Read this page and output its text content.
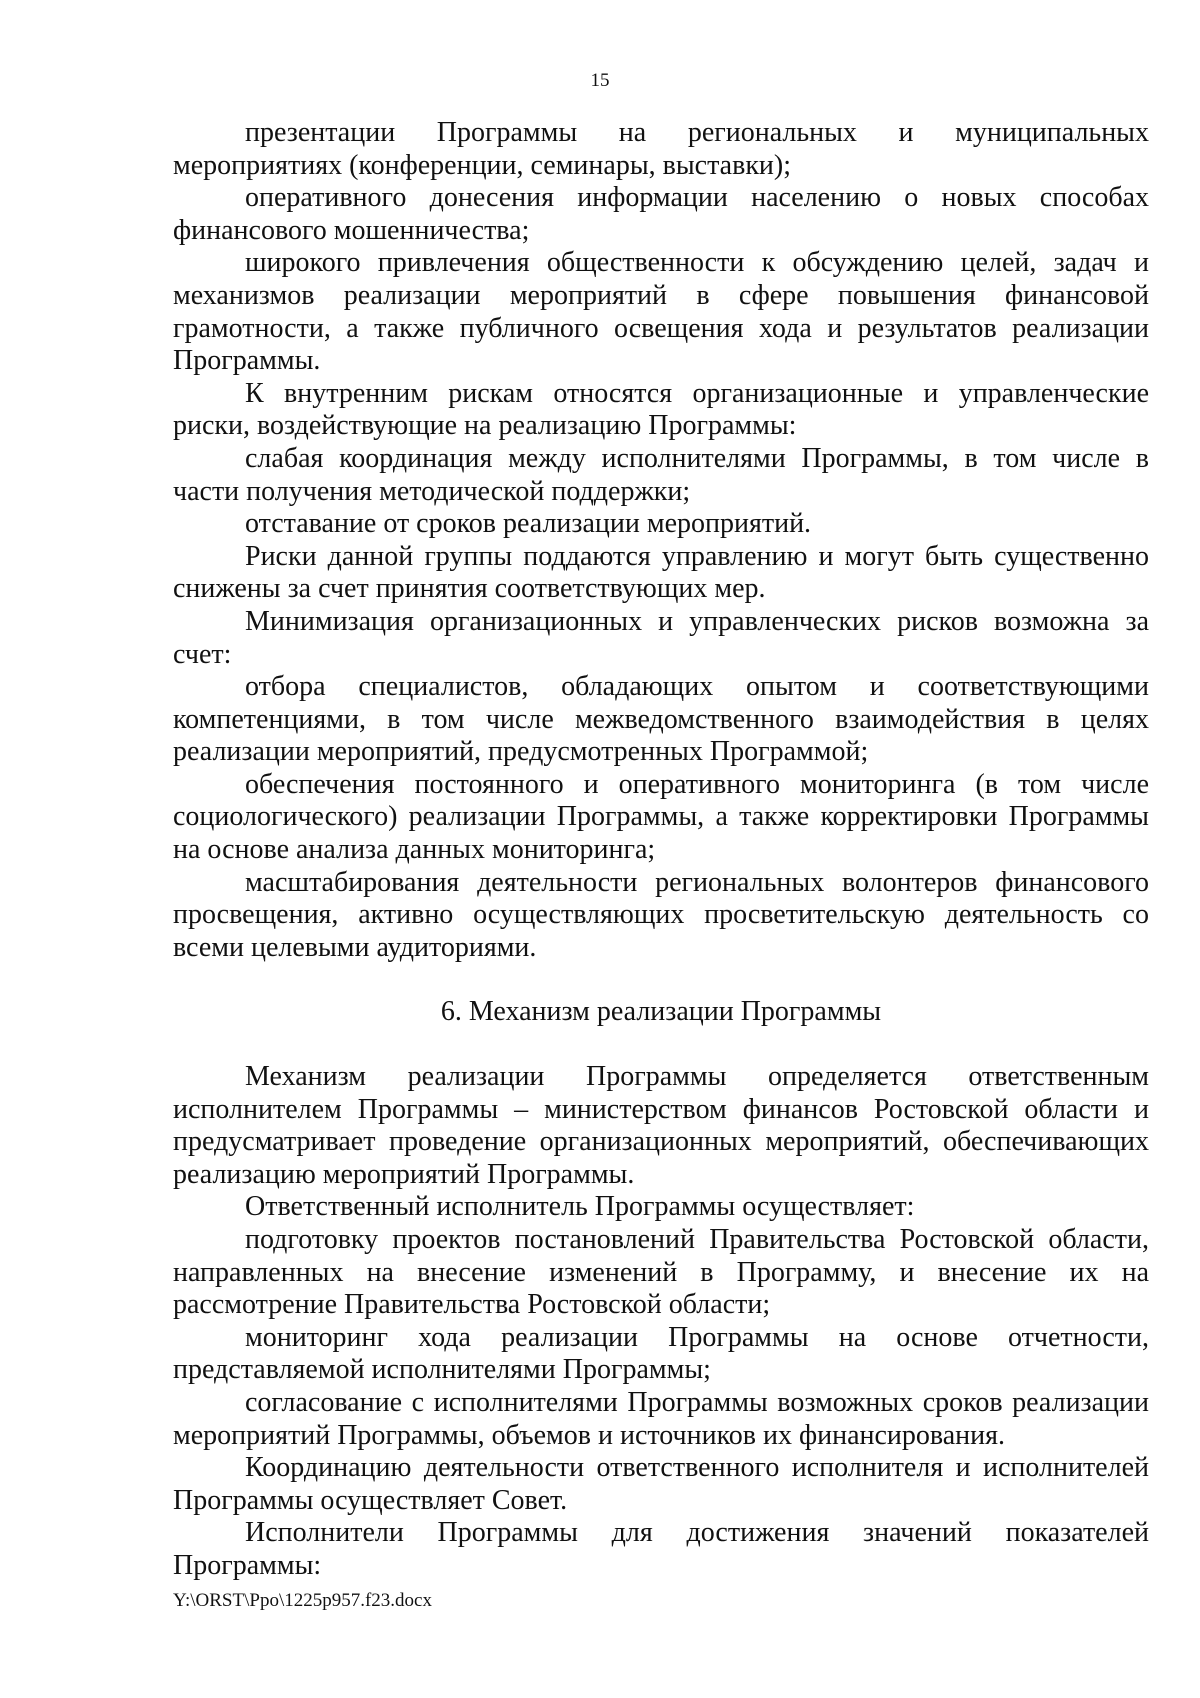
15

презентации Программы на региональных и муниципальных мероприятиях (конференции, семинары, выставки);

оперативного донесения информации населению о новых способах финансового мошенничества;

широкого привлечения общественности к обсуждению целей, задач и механизмов реализации мероприятий в сфере повышения финансовой грамотности, а также публичного освещения хода и результатов реализации Программы.

К внутренним рискам относятся организационные и управленческие риски, воздействующие на реализацию Программы:

слабая координация между исполнителями Программы, в том числе в части получения методической поддержки;

отставание от сроков реализации мероприятий.

Риски данной группы поддаются управлению и могут быть существенно снижены за счет принятия соответствующих мер.

Минимизация организационных и управленческих рисков возможна за счет:

отбора специалистов, обладающих опытом и соответствующими компетенциями, в том числе межведомственного взаимодействия в целях реализации мероприятий, предусмотренных Программой;

обеспечения постоянного и оперативного мониторинга (в том числе социологического) реализации Программы, а также корректировки Программы на основе анализа данных мониторинга;

масштабирования деятельности региональных волонтеров финансового просвещения, активно осуществляющих просветительскую деятельность со всеми целевыми аудиториями.

6. Механизм реализации Программы

Механизм реализации Программы определяется ответственным исполнителем Программы – министерством финансов Ростовской области и предусматривает проведение организационных мероприятий, обеспечивающих реализацию мероприятий Программы.

Ответственный исполнитель Программы осуществляет:

подготовку проектов постановлений Правительства Ростовской области, направленных на внесение изменений в Программу, и внесение их на рассмотрение Правительства Ростовской области;

мониторинг хода реализации Программы на основе отчетности, представляемой исполнителями Программы;

согласование с исполнителями Программы возможных сроков реализации мероприятий Программы, объемов и источников их финансирования.

Координацию деятельности ответственного исполнителя и исполнителей Программы осуществляет Совет.

Исполнители Программы для достижения значений показателей Программы:

Y:\ORST\Ppo\1225p957.f23.docx
